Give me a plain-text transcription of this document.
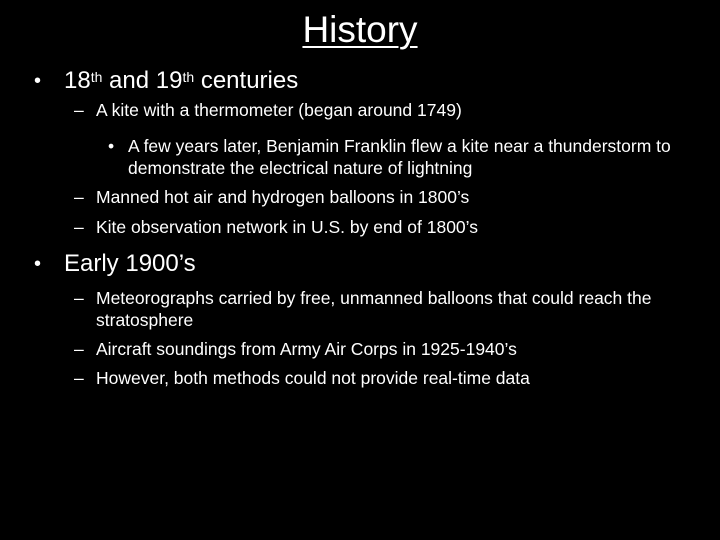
History
• 18th and 19th centuries
– A kite with a thermometer (began around 1749)
• A few years later, Benjamin Franklin flew a kite near a thunderstorm to demonstrate the electrical nature of lightning
– Manned hot air and hydrogen balloons in 1800’s
– Kite observation network in U.S. by end of 1800’s
• Early 1900’s
– Meteorographs carried by free, unmanned balloons that could reach the stratosphere
– Aircraft soundings from Army Air Corps in 1925-1940’s
– However, both methods could not provide real-time data
